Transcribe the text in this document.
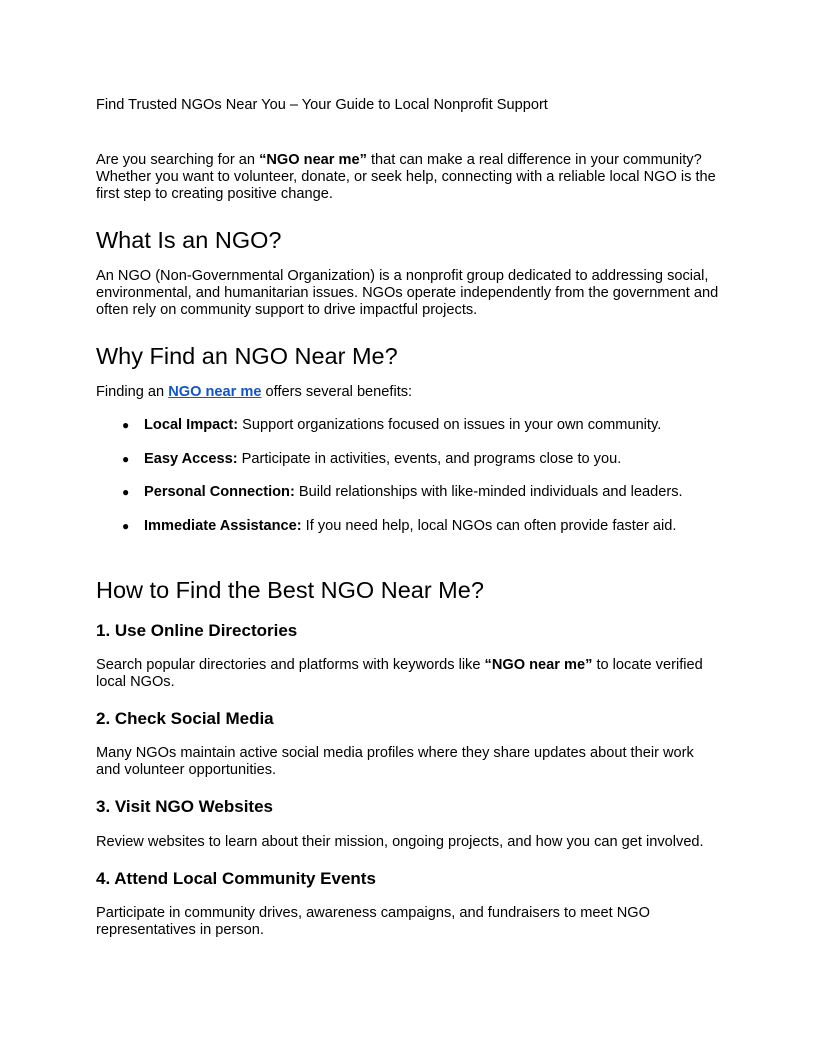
Find Trusted NGOs Near You – Your Guide to Local Nonprofit Support

Are you searching for an “NGO near me” that can make a real difference in your community? Whether you want to volunteer, donate, or seek help, connecting with a reliable local NGO is the first step to creating positive change.

What Is an NGO?

An NGO (Non-Governmental Organization) is a nonprofit group dedicated to addressing social, environmental, and humanitarian issues. NGOs operate independently from the government and often rely on community support to drive impactful projects.

Why Find an NGO Near Me?

Finding an NGO near me offers several benefits:

● Local Impact: Support organizations focused on issues in your own community.
● Easy Access: Participate in activities, events, and programs close to you.
● Personal Connection: Build relationships with like-minded individuals and leaders.
● Immediate Assistance: If you need help, local NGOs can often provide faster aid.
How to Find the Best NGO Near Me?
1. Use Online Directories

Search popular directories and platforms with keywords like “NGO near me” to locate verified local NGOs.

2. Check Social Media

Many NGOs maintain active social media profiles where they share updates about their work and volunteer opportunities.

3. Visit NGO Websites

Review websites to learn about their mission, ongoing projects, and how you can get involved.

4. Attend Local Community Events

Participate in community drives, awareness campaigns, and fundraisers to meet NGO representatives in person.
